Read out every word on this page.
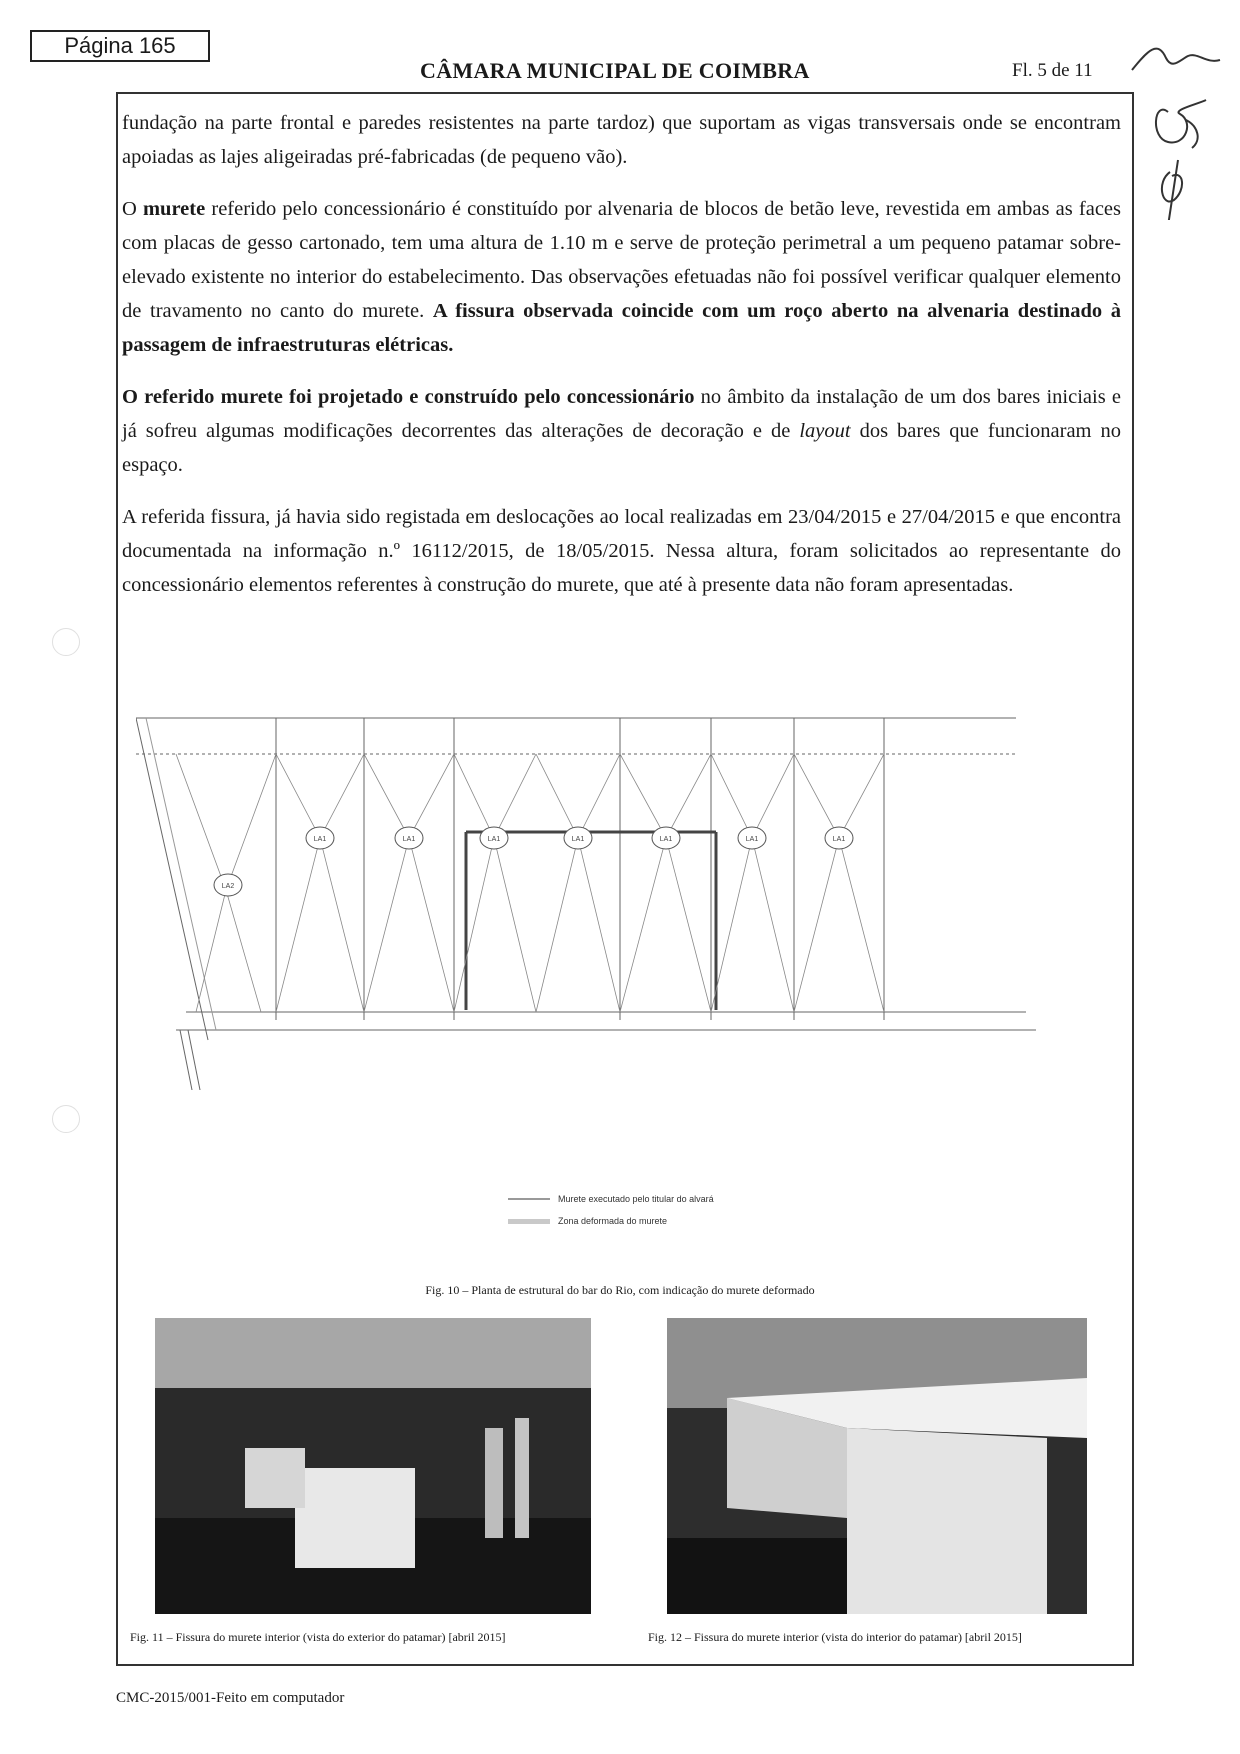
Página 165
CÂMARA MUNICIPAL DE COIMBRA	Fl. 5 de 11

fundação na parte frontal e paredes resistentes na parte tardoz) que suportam as vigas transversais onde se encontram apoiadas as lajes aligeiradas pré-fabricadas (de pequeno vão).

O murete referido pelo concessionário é constituído por alvenaria de blocos de betão leve, revestida em ambas as faces com placas de gesso cartonado, tem uma altura de 1.10 m e serve de proteção perimetral a um pequeno patamar sobre-elevado existente no interior do estabelecimento. Das observações efetuadas não foi possível verificar qualquer elemento de travamento no canto do murete. A fissura observada coincide com um roço aberto na alvenaria destinado à passagem de infraestruturas elétricas.

O referido murete foi projetado e construído pelo concessionário no âmbito da instalação de um dos bares iniciais e já sofreu algumas modificações decorrentes das alterações de decoração e de layout dos bares que funcionaram no espaço.

A referida fissura, já havia sido registada em deslocações ao local realizadas em 23/04/2015 e 27/04/2015 e que encontra documentada na informação n.º 16112/2015, de 18/05/2015. Nessa altura, foram solicitados ao representante do concessionário elementos referentes à construção do murete, que até à presente data não foram apresentadas.

LA2
LA1	LA1	LA1	LA1	LA1	LA1	LA1
Murete executado pelo titular do alvará
Zona deformada do murete
Fig. 10 – Planta de estrutural do bar do Rio, com indicação do murete deformado
Fig. 11 – Fissura do murete interior (vista do exterior do patamar) [abril 2015]	Fig. 12 – Fissura do murete interior (vista do interior do patamar) [abril 2015]
CMC-2015/001-Feito em computador
